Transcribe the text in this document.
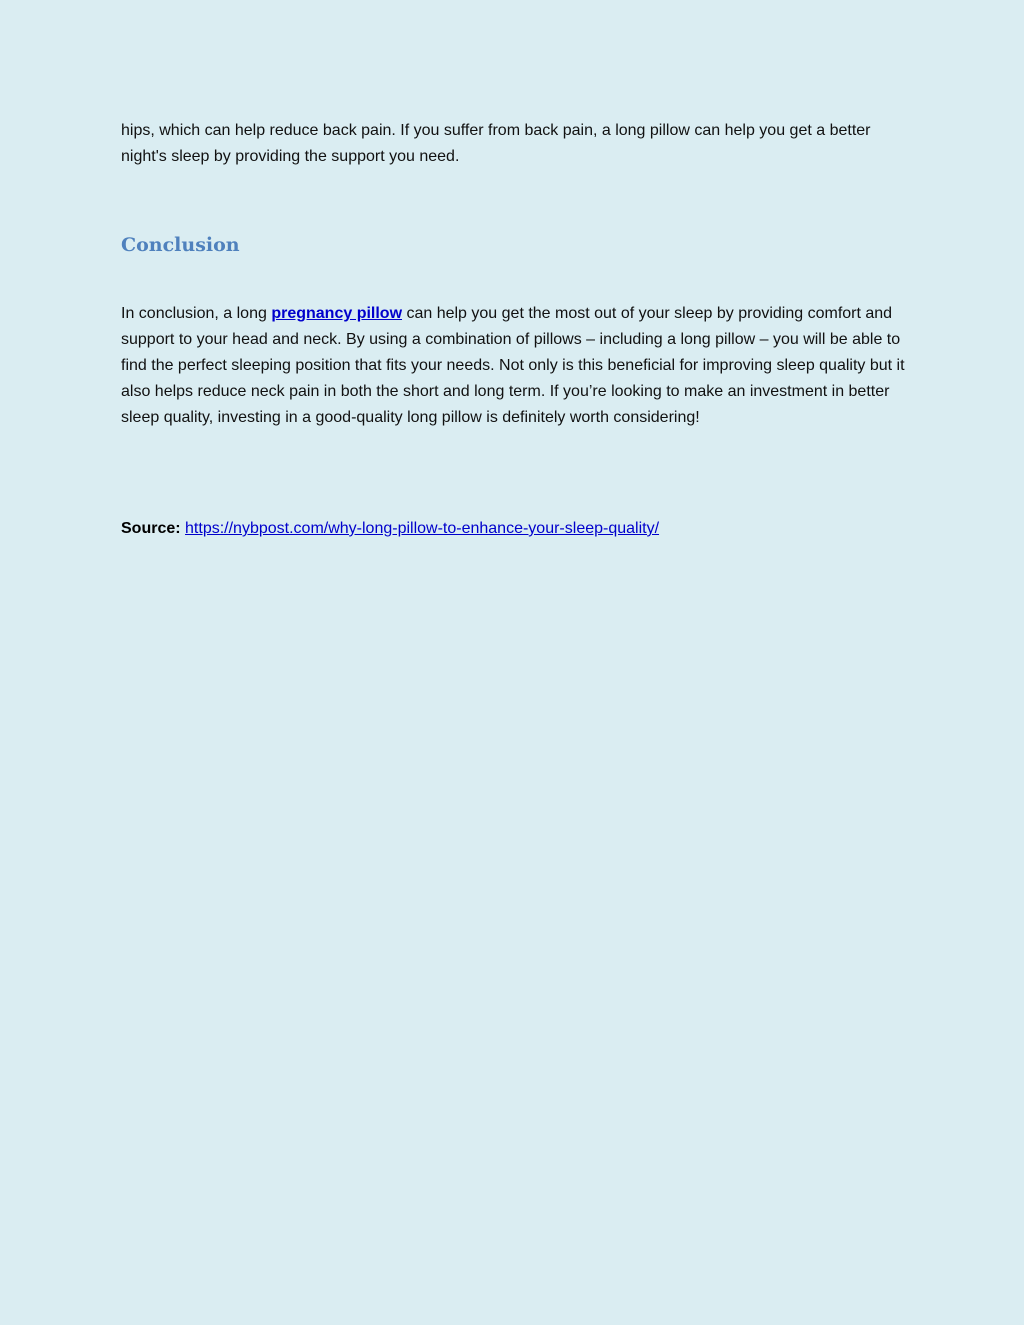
hips, which can help reduce back pain. If you suffer from back pain, a long pillow can help you get a better night's sleep by providing the support you need.

Conclusion

In conclusion, a long pregnancy pillow can help you get the most out of your sleep by providing comfort and support to your head and neck. By using a combination of pillows – including a long pillow – you will be able to find the perfect sleeping position that fits your needs. Not only is this beneficial for improving sleep quality but it also helps reduce neck pain in both the short and long term. If you’re looking to make an investment in better sleep quality, investing in a good-quality long pillow is definitely worth considering!

Source: https://nybpost.com/why-long-pillow-to-enhance-your-sleep-quality/
